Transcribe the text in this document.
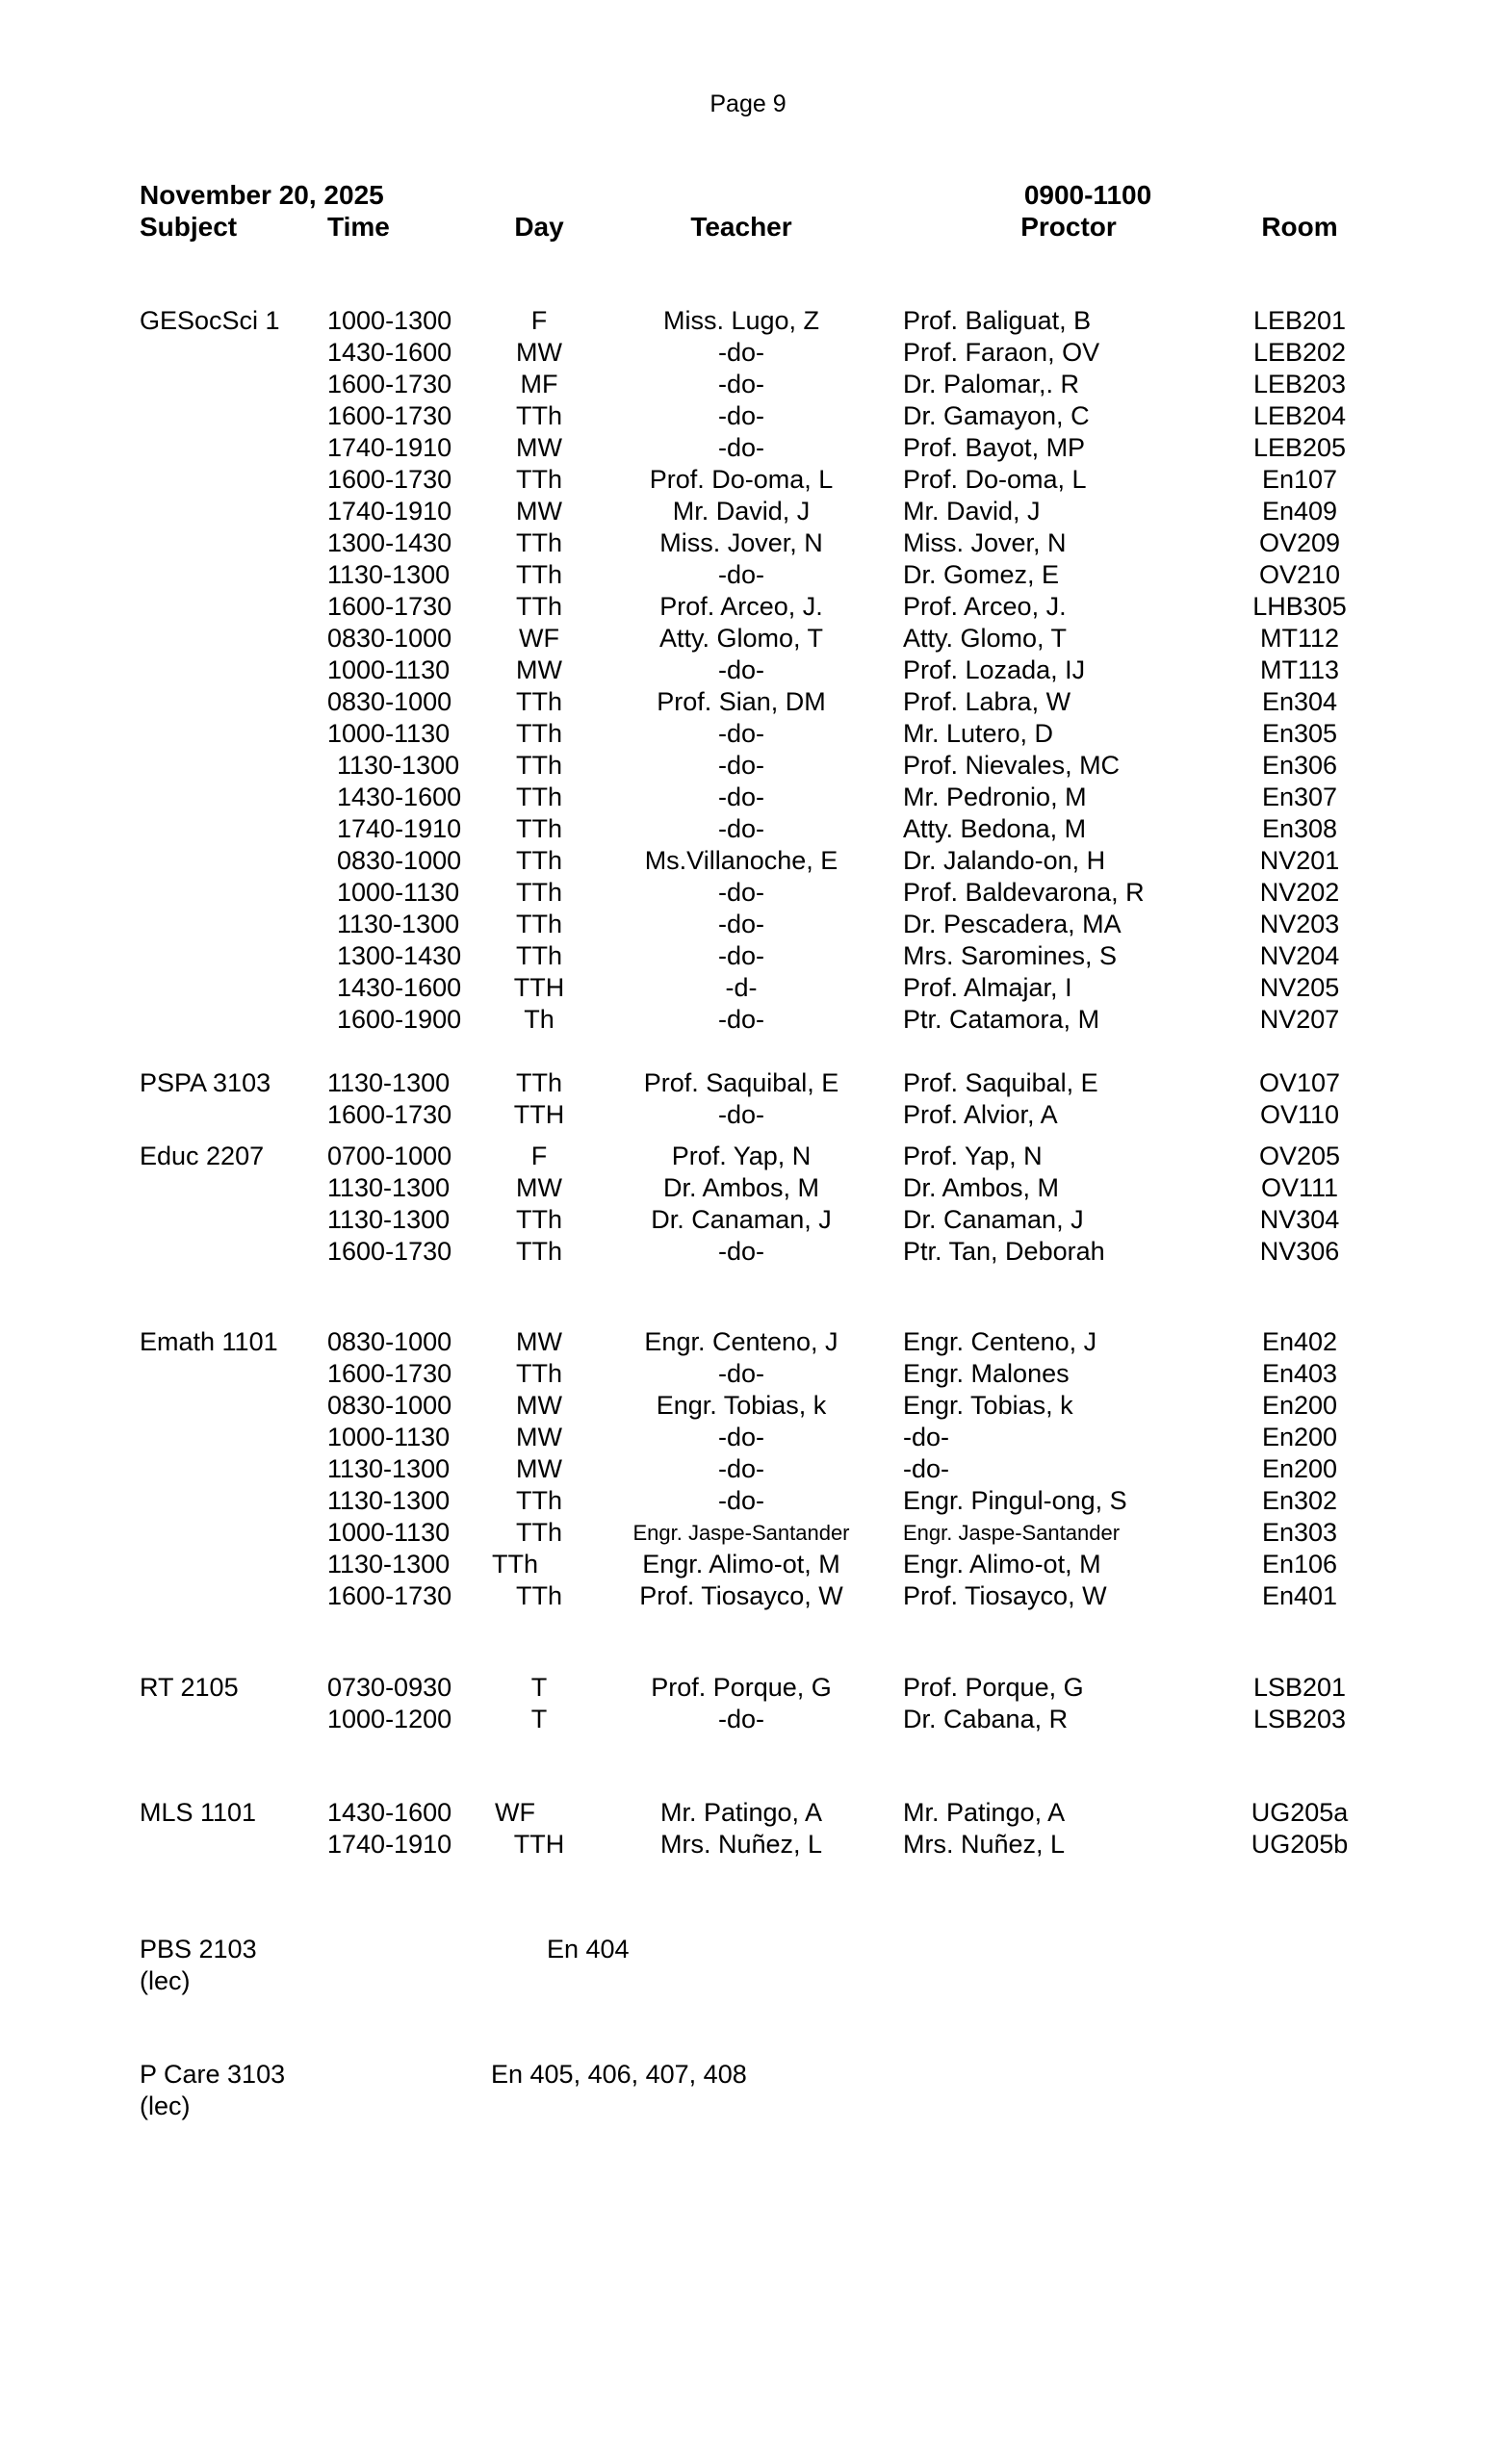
Page 9
November 20, 2025	0900-1100
Subject	Time	Day	Teacher	Proctor	Room
GESocSci 1 1000-1300	F	Miss. Lugo, Z	Prof. Baliguat, B	LEB201
1430-1600	MW	-do-	Prof. Faraon, OV	LEB202
1600-1730	MF	-do-	Dr. Palomar,. R	LEB203
1600-1730	TTh	-do-	Dr. Gamayon, C	LEB204
1740-1910	MW	-do-	Prof. Bayot, MP	LEB205
1600-1730	TTh	Prof. Do-oma, L	Prof. Do-oma, L	En107
1740-1910	MW	Mr. David, J	Mr. David, J	En409
1300-1430	TTh	Miss. Jover, N	Miss. Jover, N	OV209
1130-1300	TTh	-do-	Dr. Gomez, E	OV210
1600-1730	TTh	Prof. Arceo, J.	Prof. Arceo, J.	LHB305
0830-1000	WF	Atty. Glomo, T	Atty. Glomo, T	MT112
1000-1130	MW	-do-	Prof. Lozada, IJ	MT113
0830-1000	TTh	Prof. Sian, DM	Prof. Labra, W	En304
1000-1130	TTh	-do-	Mr. Lutero, D	En305
1130-1300	TTh	-do-	Prof. Nievales, MC	En306
1430-1600	TTh	-do-	Mr. Pedronio, M	En307
1740-1910	TTh	-do-	Atty. Bedona, M	En308
0830-1000	TTh	Ms.Villanoche, E	Dr. Jalando-on, H	NV201
1000-1130	TTh	-do-	Prof. Baldevarona, R	NV202
1130-1300	TTh	-do-	Dr. Pescadera, MA	NV203
1300-1430	TTh	-do-	Mrs. Saromines, S	NV204
1430-1600	TTH	-d-	Prof. Almajar, I	NV205
1600-1900	Th	-do-	Ptr. Catamora, M	NV207
PSPA 3103 1130-1300	TTh	Prof. Saquibal, E	Prof. Saquibal, E	OV107
1600-1730	TTH	-do-	Prof. Alvior, A	OV110
Educ 2207 0700-1000	F	Prof. Yap, N	Prof. Yap, N	OV205
1130-1300	MW	Dr. Ambos, M	Dr. Ambos, M	OV111
1130-1300	TTh	Dr. Canaman, J	Dr. Canaman, J	NV304
1600-1730	TTh	-do-	Ptr. Tan, Deborah	NV306
Emath 1101 0830-1000	MW	Engr. Centeno, J	Engr. Centeno, J	En402
1600-1730	TTh	-do-	Engr. Malones	En403
0830-1000	MW	Engr. Tobias, k	Engr. Tobias, k	En200
1000-1130	MW	-do-	-do-	En200
1130-1300	MW	-do-	-do-	En200
1130-1300	TTh	-do-	Engr. Pingul-ong, S	En302
1000-1130	TTh	Engr. Jaspe-Santander	Engr. Jaspe-Santander	En303
1130-1300	TTh	Engr. Alimo-ot, M	Engr. Alimo-ot, M	En106
1600-1730	TTh	Prof. Tiosayco, W	Prof. Tiosayco, W	En401
RT 2105	0730-0930	T	Prof. Porque, G	Prof. Porque, G	LSB201
1000-1200	T	-do-	Dr. Cabana, R	LSB203
MLS 1101	1430-1600	WF	Mr. Patingo, A	Mr. Patingo, A	UG205a
1740-1910	TTH	Mrs. Nuñez, L	Mrs. Nuñez, L	UG205b
PBS 2103
(lec)
En 404
P Care 3103
(lec)
En 405, 406, 407, 408
